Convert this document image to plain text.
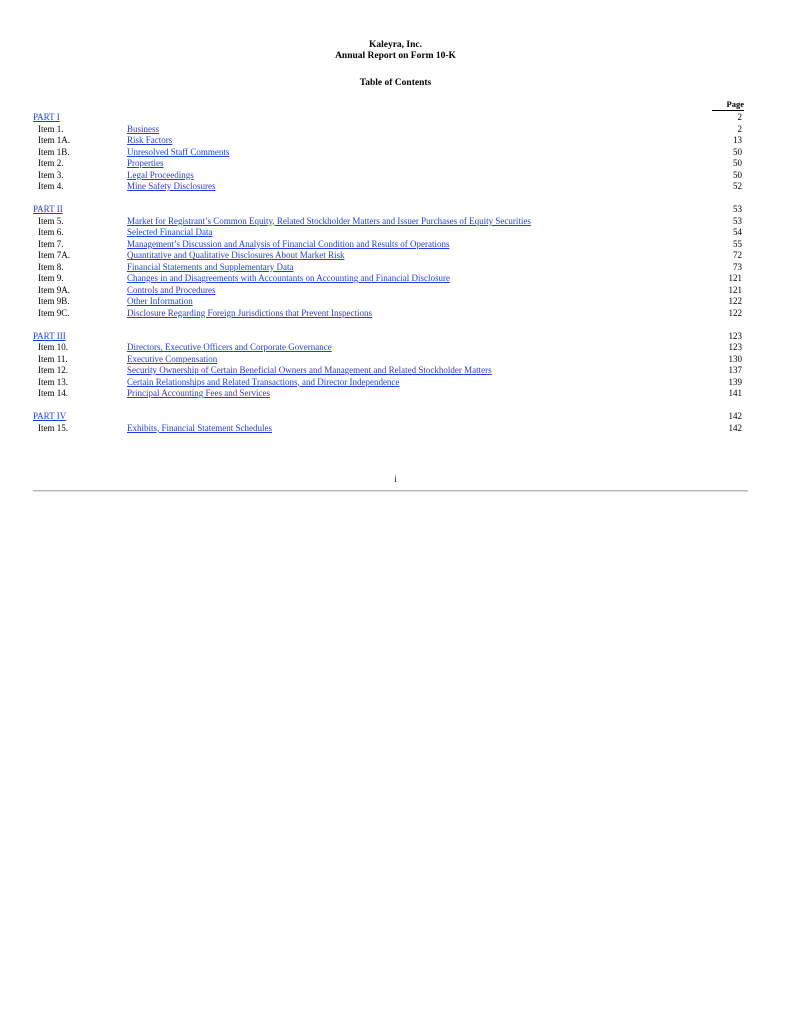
Kaleyra, Inc.
Annual Report on Form 10-K
Table of Contents
Page
PART I	2
Item 1.	Business	2
Item 1A.	Risk Factors	13
Item 1B.	Unresolved Staff Comments	50
Item 2.	Properties	50
Item 3.	Legal Proceedings	50
Item 4.	Mine Safety Disclosures	52
PART II	53
Item 5.	Market for Registrant’s Common Equity, Related Stockholder Matters and Issuer Purchases of Equity Securities	53
Item 6.	Selected Financial Data	54
Item 7.	Management’s Discussion and Analysis of Financial Condition and Results of Operations	55
Item 7A.	Quantitative and Qualitative Disclosures About Market Risk	72
Item 8.	Financial Statements and Supplementary Data	73
Item 9.	Changes in and Disagreements with Accountants on Accounting and Financial Disclosure	121
Item 9A.	Controls and Procedures	121
Item 9B.	Other Information	122
Item 9C.	Disclosure Regarding Foreign Jurisdictions that Prevent Inspections	122
PART III	123
Item 10.	Directors, Executive Officers and Corporate Governance	123
Item 11.	Executive Compensation	130
Item 12.	Security Ownership of Certain Beneficial Owners and Management and Related Stockholder Matters	137
Item 13.	Certain Relationships and Related Transactions, and Director Independence	139
Item 14.	Principal Accounting Fees and Services	141
PART IV	142
Item 15.	Exhibits, Financial Statement Schedules	142
i
